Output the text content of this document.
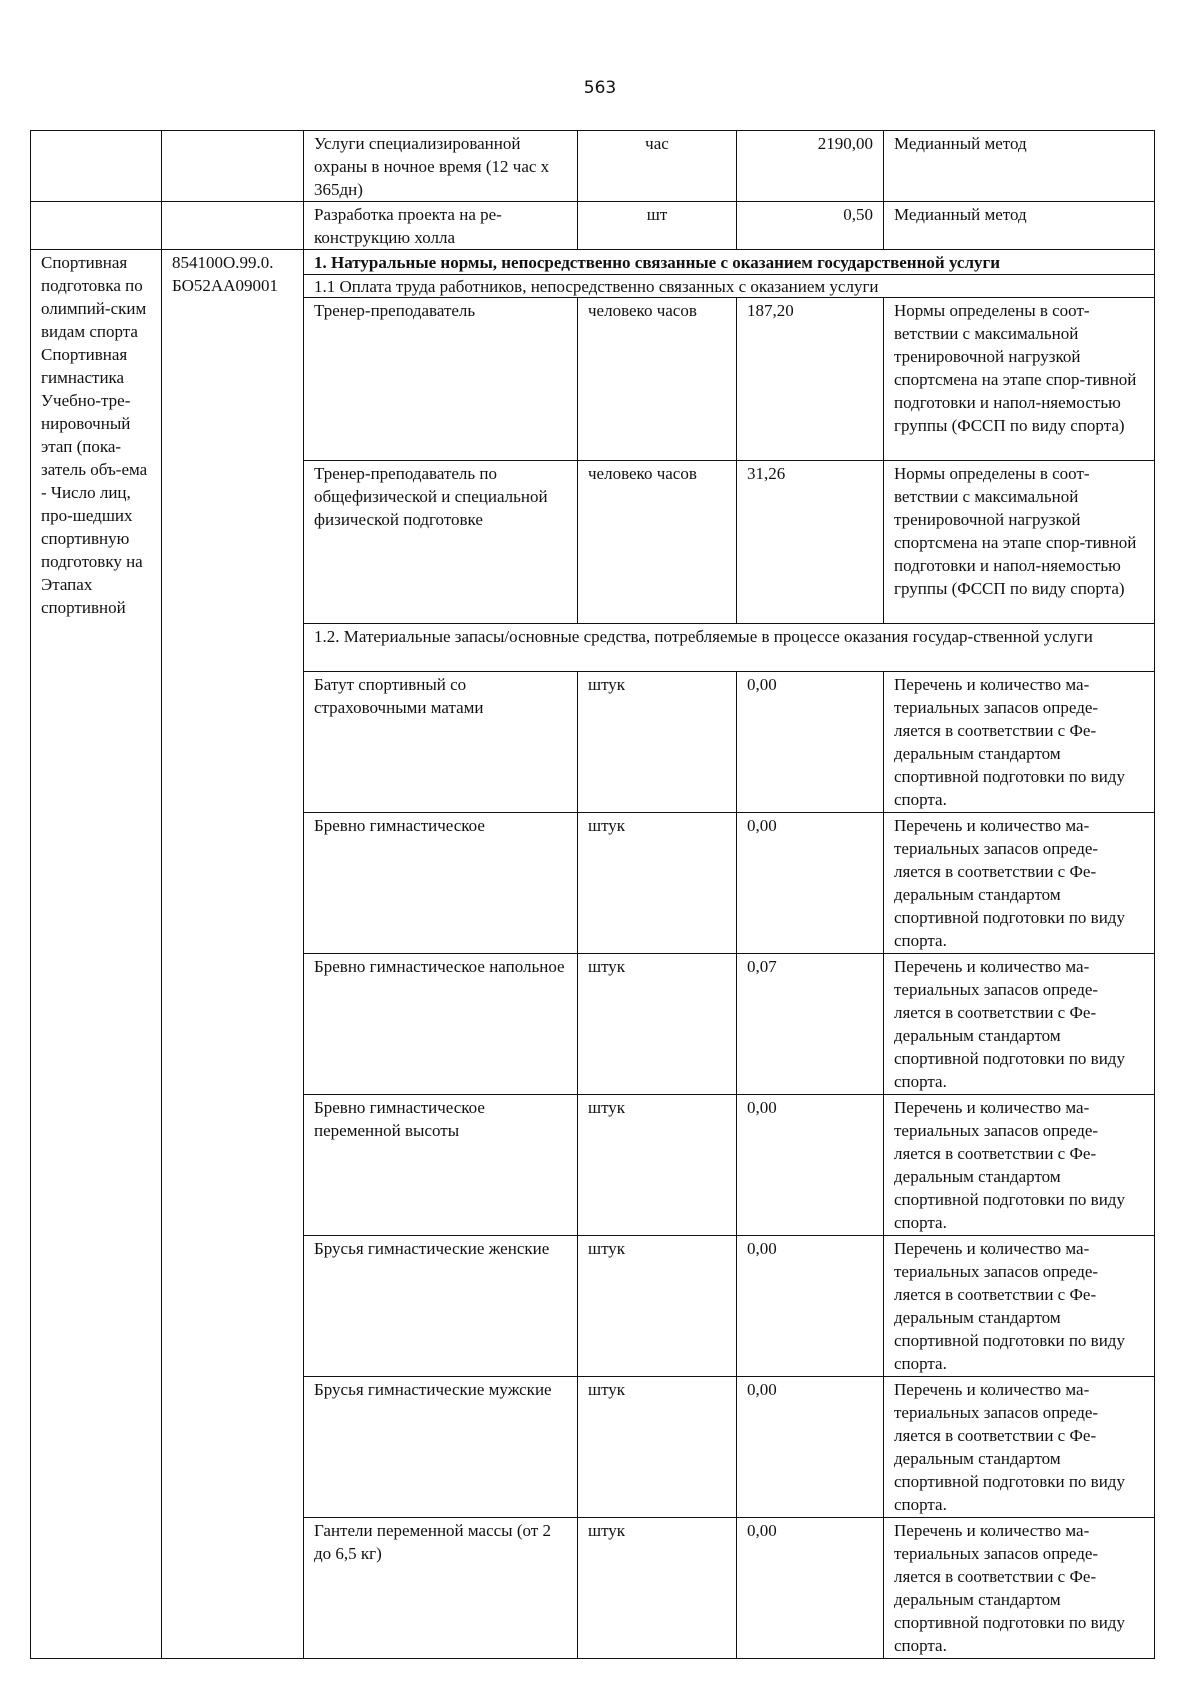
563
		Услуги специализированной охраны в ночное время (12 час х 365дн)	час	2190,00	Медианный метод
		Разработка проекта на ре-конструкцию холла	шт	0,50	Медианный метод
Спортивная подготовка по олимпий-ским видам спорта Спортивная гимнастика Учебно-тре-нировочный этап (пока-затель объ-ема - Число лиц, про-шедших спортивную подготовку на Этапах спортивной	854100О.99.0. БО52АА09001	1. Натуральные нормы, непосредственно связанные с оказанием государственной услуги			
		1.1 Оплата труда работников, непосредственно связанных с оказанием услуги			
		Тренер-преподаватель	человеко часов	187,20	Нормы определены в соот-ветствии с максимальной тренировочной нагрузкой спортсмена на этапе спор-тивной подготовки и напол-няемостью группы (ФССП по виду спорта)
		Тренер-преподаватель по общефизической и специальной физической подготовке	человеко часов	31,26	Нормы определены в соот-ветствии с максимальной тренировочной нагрузкой спортсмена на этапе спор-тивной подготовки и напол-няемостью группы (ФССП по виду спорта)
		1.2. Материальные запасы/основные средства, потребляемые в процессе оказания государ-ственной услуги			
		Батут спортивный со страховочными матами	штук	0,00	Перечень и количество ма-териальных запасов опреде-ляется в соответствии с Фе-деральным стандартом спортивной подготовки по виду спорта.
		Бревно гимнастическое	штук	0,00	Перечень и количество ма-териальных запасов опреде-ляется в соответствии с Фе-деральным стандартом спортивной подготовки по виду спорта.
		Бревно гимнастическое напольное	штук	0,07	Перечень и количество ма-териальных запасов опреде-ляется в соответствии с Фе-деральным стандартом спортивной подготовки по виду спорта.
		Бревно гимнастическое переменной высоты	штук	0,00	Перечень и количество ма-териальных запасов опреде-ляется в соответствии с Фе-деральным стандартом спортивной подготовки по виду спорта.
		Брусья гимнастические женские	штук	0,00	Перечень и количество ма-териальных запасов опреде-ляется в соответствии с Фе-деральным стандартом спортивной подготовки по виду спорта.
		Брусья гимнастические мужские	штук	0,00	Перечень и количество ма-териальных запасов опреде-ляется в соответствии с Фе-деральным стандартом спортивной подготовки по виду спорта.
		Гантели переменной массы (от 2 до 6,5 кг)	штук	0,00	Перечень и количество ма-териальных запасов опреде-ляется в соответствии с Фе-деральным стандартом спортивной подготовки по виду спорта.
